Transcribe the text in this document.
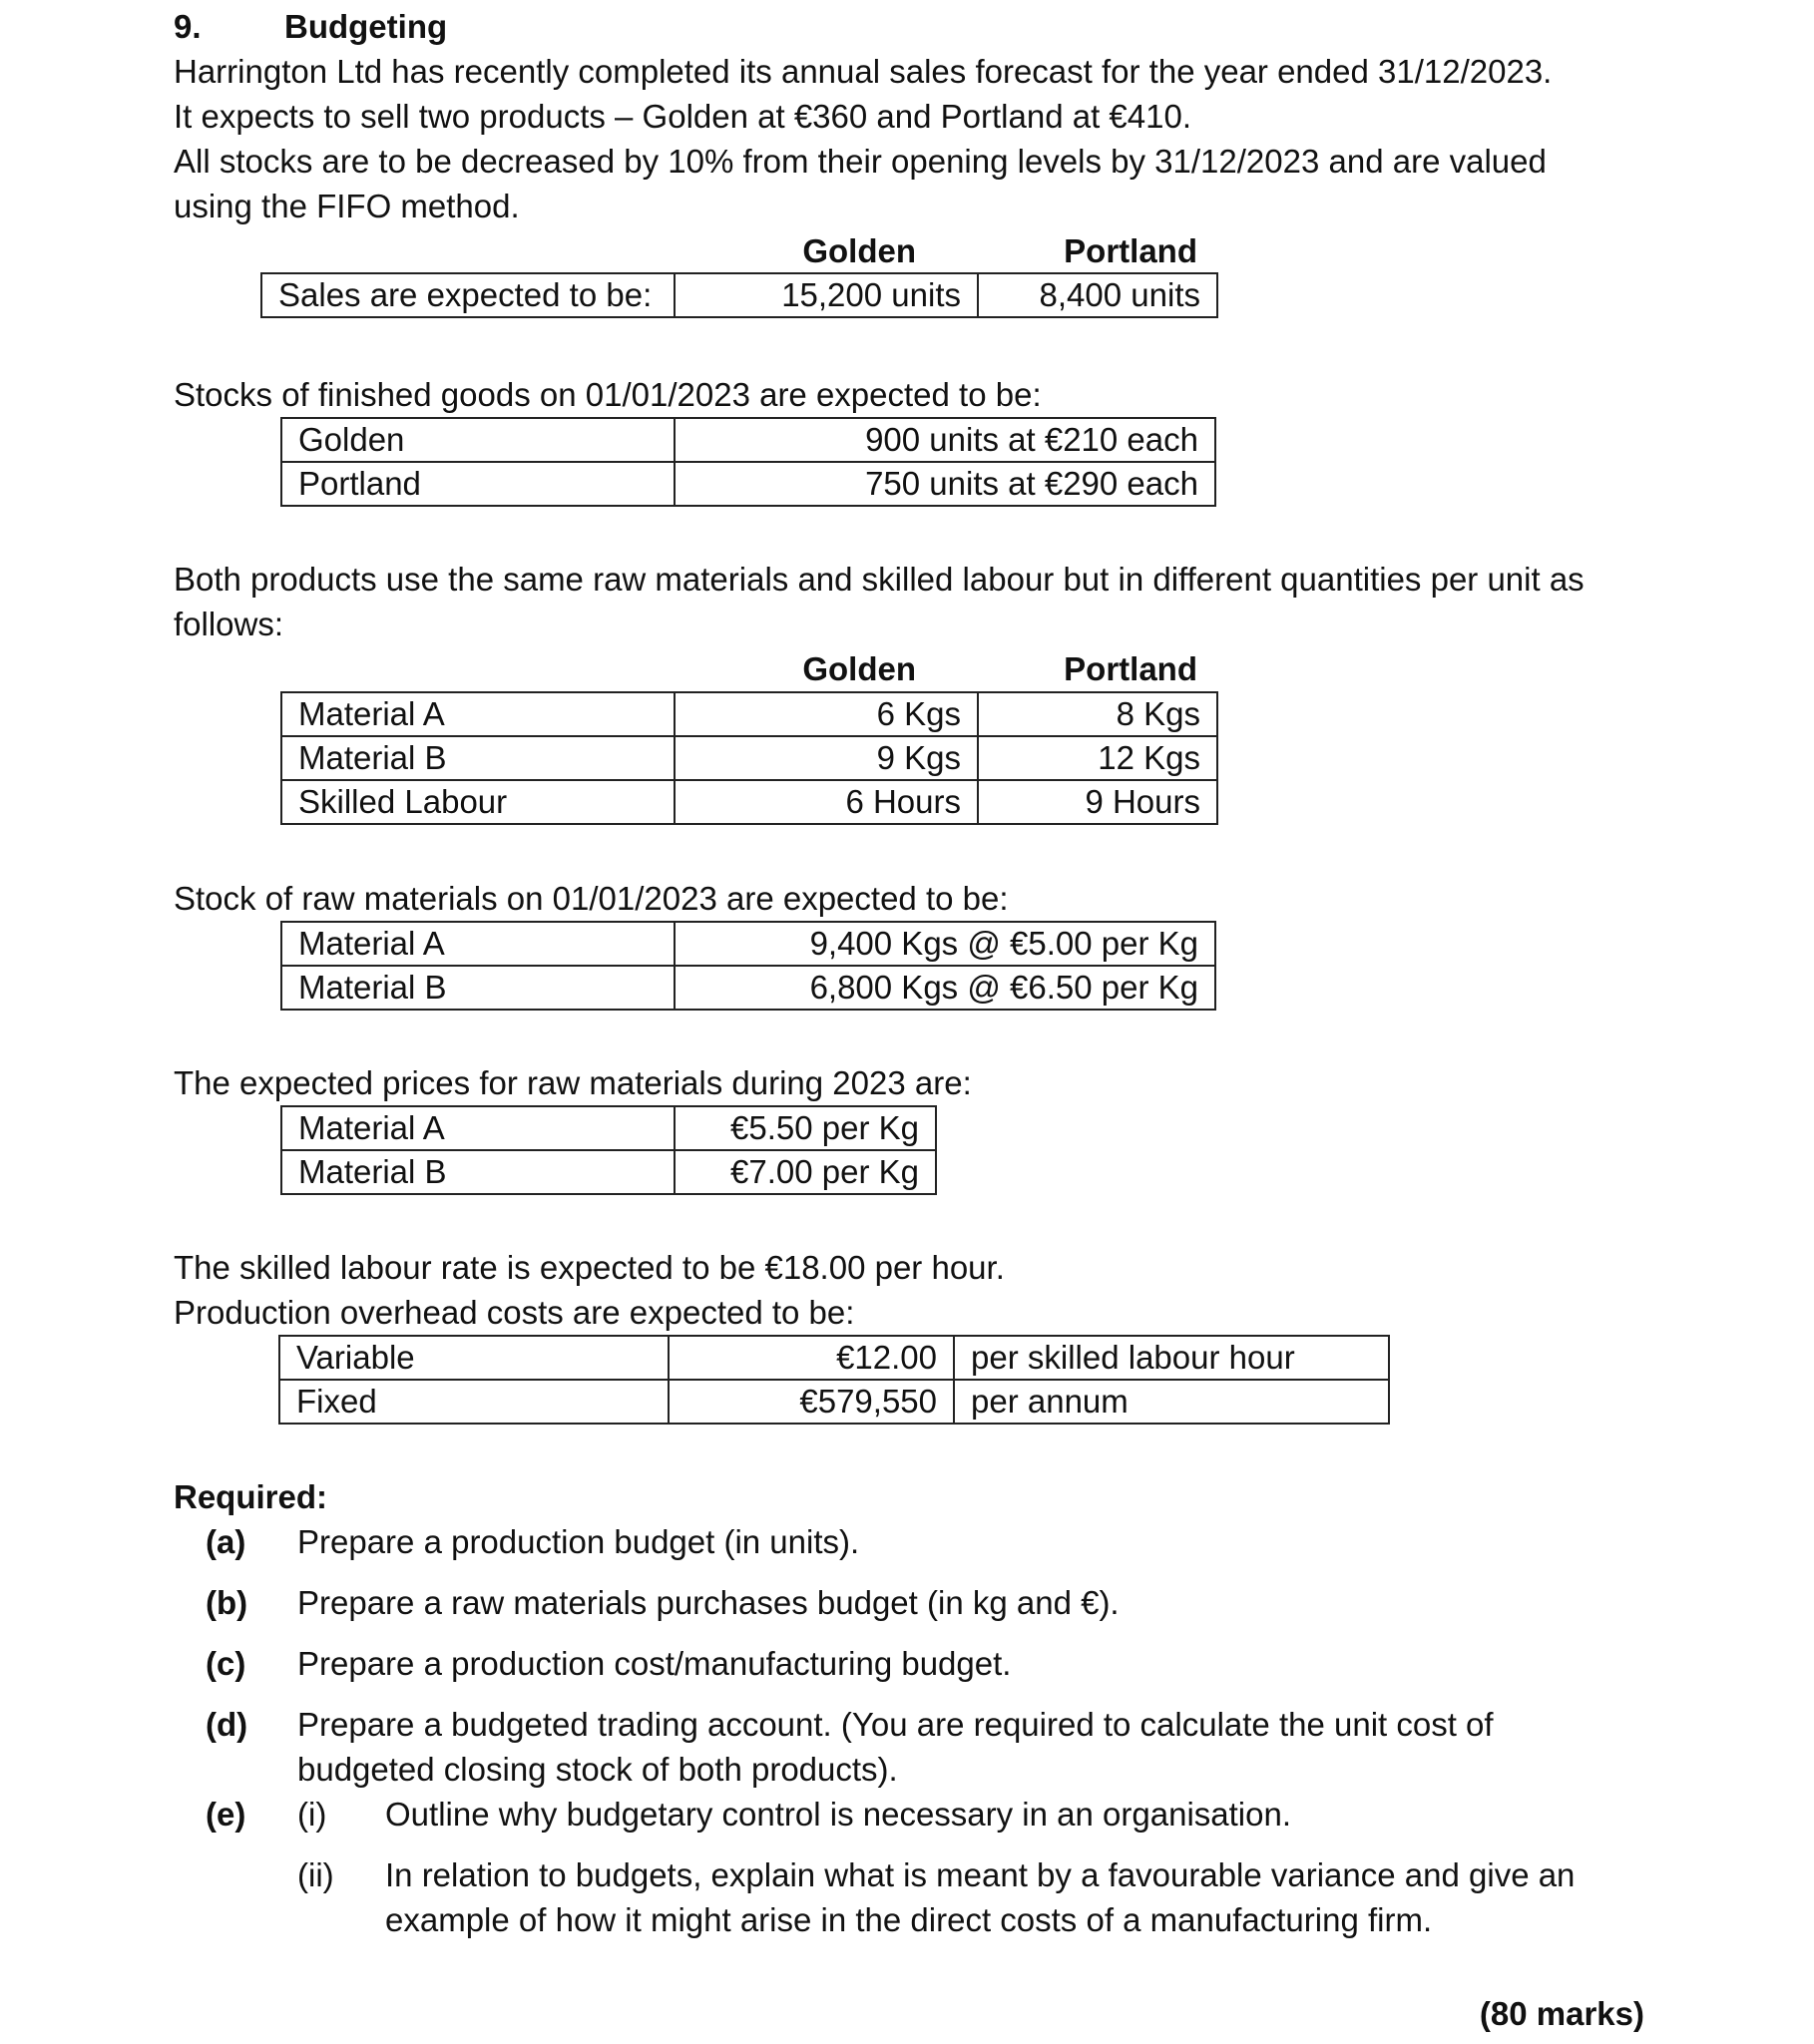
9.	Budgeting
Harrington Ltd has recently completed its annual sales forecast for the year ended 31/12/2023.
It expects to sell two products – Golden at €360 and Portland at €410.
All stocks are to be decreased by 10% from their opening levels by 31/12/2023 and are valued
using the FIFO method.
Golden	Portland
Sales are expected to be:	15,200 units	8,400 units
Stocks of finished goods on 01/01/2023 are expected to be:
Golden	900 units at €210 each
Portland	750 units at €290 each
Both products use the same raw materials and skilled labour but in different quantities per unit as
follows:
Golden	Portland
Material A	6 Kgs	8 Kgs
Material B	9 Kgs	12 Kgs
Skilled Labour	6 Hours	9 Hours
Stock of raw materials on 01/01/2023 are expected to be:
Material A	9,400 Kgs @ €5.00 per Kg
Material B	6,800 Kgs @ €6.50 per Kg
The expected prices for raw materials during 2023 are:
Material A	€5.50 per Kg
Material B	€7.00 per Kg
The skilled labour rate is expected to be €18.00 per hour.
Production overhead costs are expected to be:
Variable	€12.00	per skilled labour hour
Fixed	€579,550	per annum
Required:
(a) Prepare a production budget (in units).
(b) Prepare a raw materials purchases budget (in kg and €).
(c) Prepare a production cost/manufacturing budget.
(d) Prepare a budgeted trading account. (You are required to calculate the unit cost of
budgeted closing stock of both products).
(e) (i) Outline why budgetary control is necessary in an organisation.
(ii) In relation to budgets, explain what is meant by a favourable variance and give an
example of how it might arise in the direct costs of a manufacturing firm.
(80 marks)
